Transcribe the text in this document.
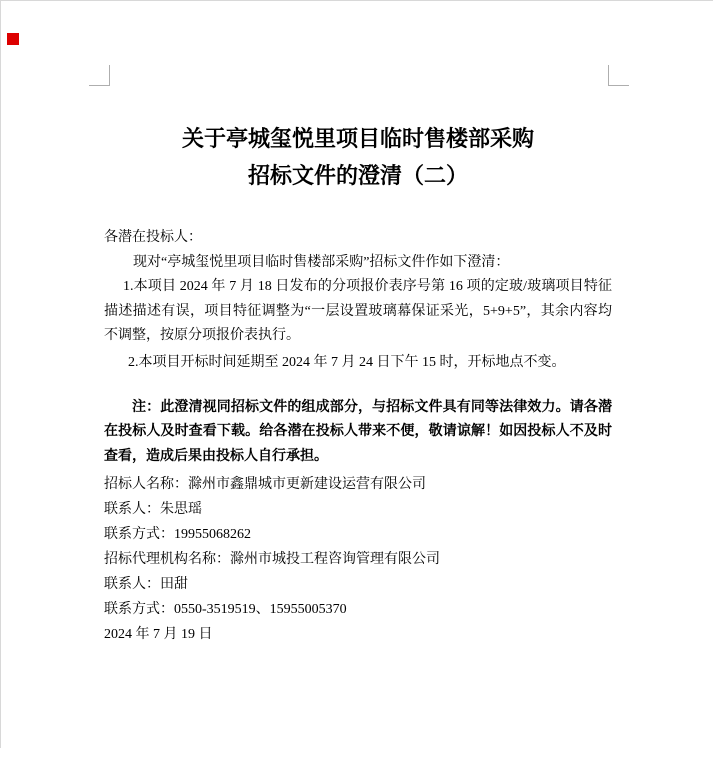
关于亭城玺悦里项目临时售楼部采购
招标文件的澄清（二）
各潜在投标人：
现对“亭城玺悦里项目临时售楼部采购”招标文件作如下澄清：
1.本项目 2024 年 7 月 18 日发布的分项报价表序号第 16 项的定玻/玻璃项目特征描述描述有误，项目特征调整为“一层设置玻璃幕保证采光，5+9+5”，其余内容均不调整，按原分项报价表执行。
2.本项目开标时间延期至 2024 年 7 月 24 日下午 15 时，开标地点不变。
注：此澄清视同招标文件的组成部分，与招标文件具有同等法律效力。请各潜在投标人及时查看下载。给各潜在投标人带来不便，敬请谅解！如因投标人不及时查看，造成后果由投标人自行承担。
招标人名称：滁州市鑫鼎城市更新建设运营有限公司
联系人：朱思瑶
联系方式：19955068262
招标代理机构名称：滁州市城投工程咨询管理有限公司
联系人：田甜
联系方式：0550-3519519、15955005370
2024 年 7 月 19 日
